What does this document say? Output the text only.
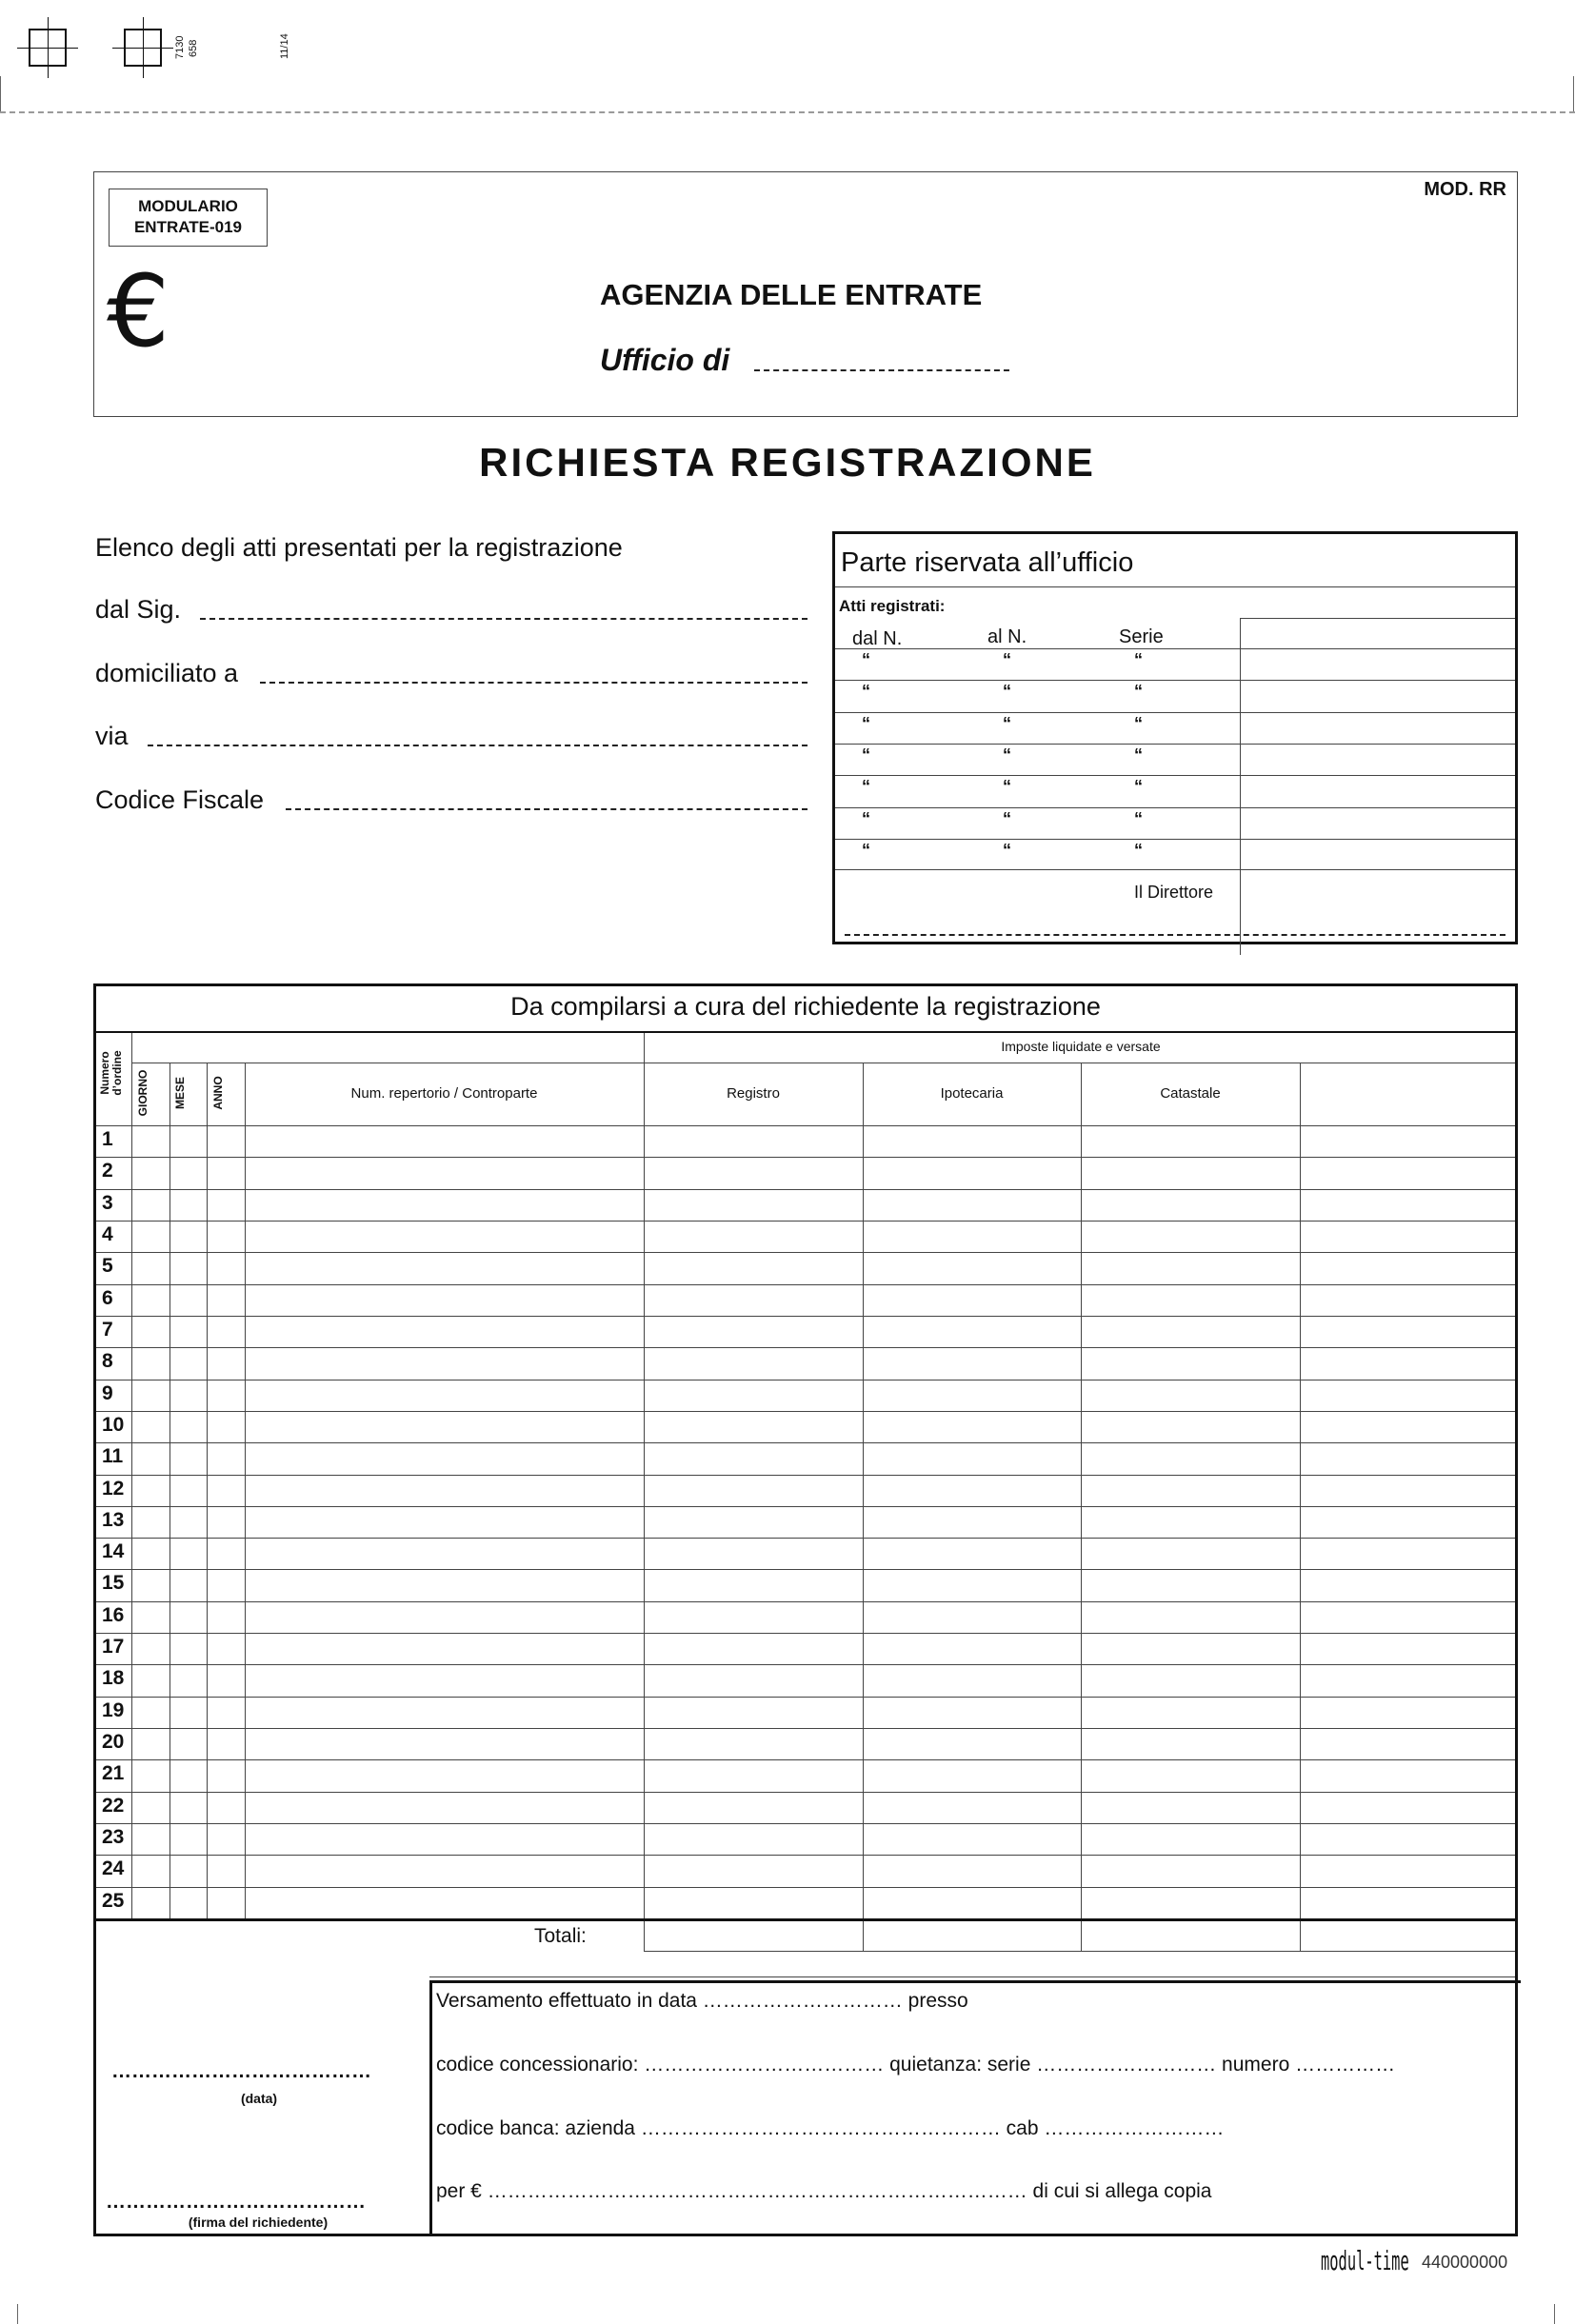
7130 658	11/14
MODULARIO
ENTRATE-019
MOD. RR
€	AGENZIA DELLE ENTRATE
Ufficio di
RICHIESTA REGISTRAZIONE
Elenco degli atti presentati per la registrazione
dal Sig.
domiciliato a
via
Codice Fiscale
Parte riservata all’ufficio
Atti registrati:
dal N.	al N.	Serie
“	“	“
“	“	“
“	“	“
“	“	“
“	“	“
“	“	“
“	“	“
Il Direttore
Da compilarsi a cura del richiedente la registrazione
Numero d’ordine GIORNO MESE ANNO	Num. repertorio / Controparte
Imposte liquidate e versate
Registro	Ipotecaria	Catastale
1
2
3
4
5
6
7
8
9
10
11
12
13
14
15
16
17
18
19
20
21
22
23
24
25
Totali:
…………………………………
(data)
…………………………………
(firma del richiedente)
Versamento effettuato in data ………………………… presso
codice concessionario: ……………………………… quietanza: serie ……………………… numero ……………
codice banca: azienda ……………………………………………… cab ………………………
per € ……………………………………………………………………… di cui si allega copia
modul-time 440000000
